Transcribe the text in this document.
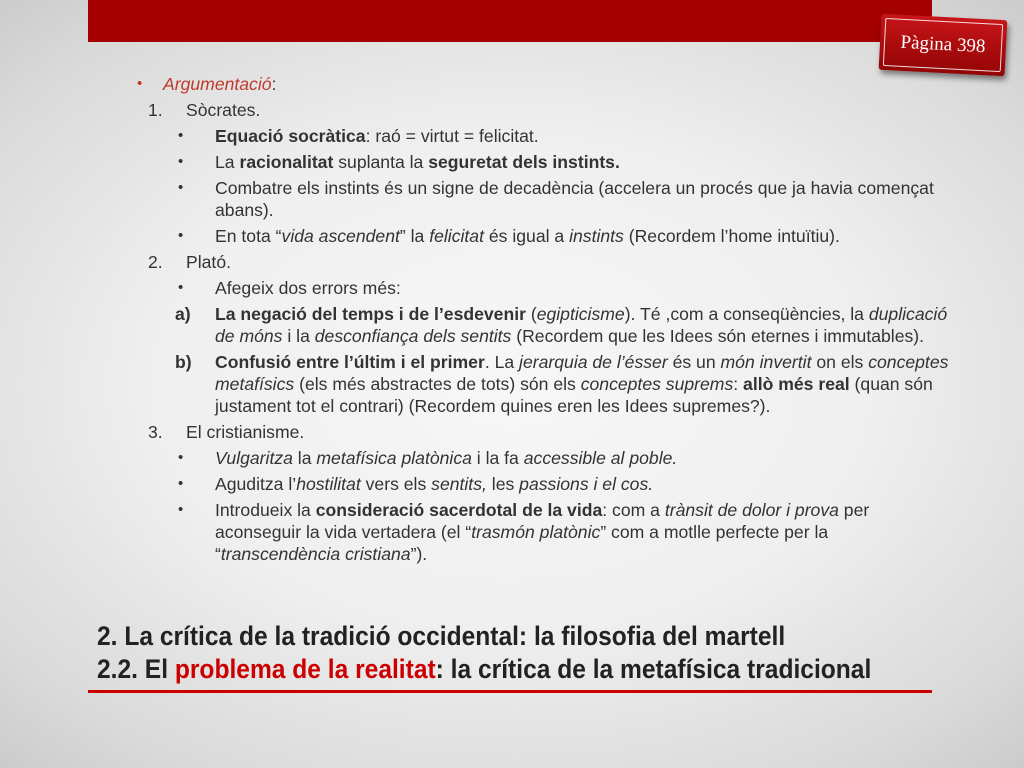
Pàgina 398
• Argumentació:
1. Sòcrates.
• Equació socràtica: raó = virtut = felicitat.
• La racionalitat suplanta la seguretat dels instints.
• Combatre els instints és un signe de decadència (accelera un procés que ja havia començat
abans).
• En tota “vida ascendent” la felicitat és igual a instints (Recordem l’home intuïtiu).
2. Plató.
• Afegeix dos errors més:
a) La negació del temps i de l’esdevenir (egipticisme). Té ,com a conseqüències, la duplicació
de móns i la desconfiança dels sentits (Recordem que les Idees són eternes i immutables).
b) Confusió entre l’últim i el primer. La jerarquia de l’ésser és un món invertit on els conceptes
metafísics (els més abstractes de tots) són els conceptes suprems: allò més real (quan són
justament tot el contrari) (Recordem quines eren les Idees supremes?).
3. El cristianisme.
• Vulgaritza la metafísica platònica i la fa accessible al poble.
• Aguditza l’hostilitat vers els sentits, les passions i el cos.
• Introdueix la consideració sacerdotal de la vida: com a trànsit de dolor i prova per
aconseguir la vida vertadera (el “trasmón platònic” com a motlle perfecte per la
“transcendència cristiana”).
2. La crítica de la tradició occidental: la filosofia del martell
2.2. El problema de la realitat: la crítica de la metafísica tradicional
